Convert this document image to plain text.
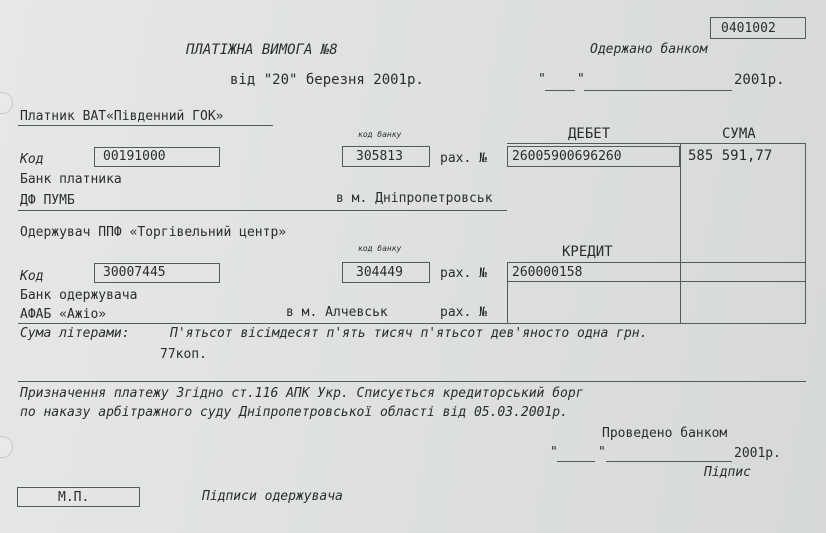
0401002
ПЛАТІЖНА ВИМОГА №8	Одержано банком
від "20" березня 2001р.	" "	2001р.
Платник ВАТ«Південний ГОК»
код банку	ДЕБЕТ	СУМА
Код	00191000	305813	рах. № 26005900696260	585 591,77
Банк платника
ДФ ПУМБ	в м. Дніпропетровськ
Одержувач ППФ «Торгівельний центр»
код банку	КРЕДИТ
Код	30007445	304449	рах. № 260000158
Банк одержувача
АФАБ «Ажіо»	в м. Алчевськ	рах. №
Сума літерами:	П'ятьсот вісімдесят п'ять тисяч п'ятьсот дев'яносто одна грн.
77коп.
Призначення платежу Згідно ст.116 АПК Укр. Списується кредиторський борг
по наказу арбітражного суду Дніпропетровської області від 05.03.2001р.
Проведено банком
"	"	2001р.
Підпис
М.П.	Підписи одержувача
